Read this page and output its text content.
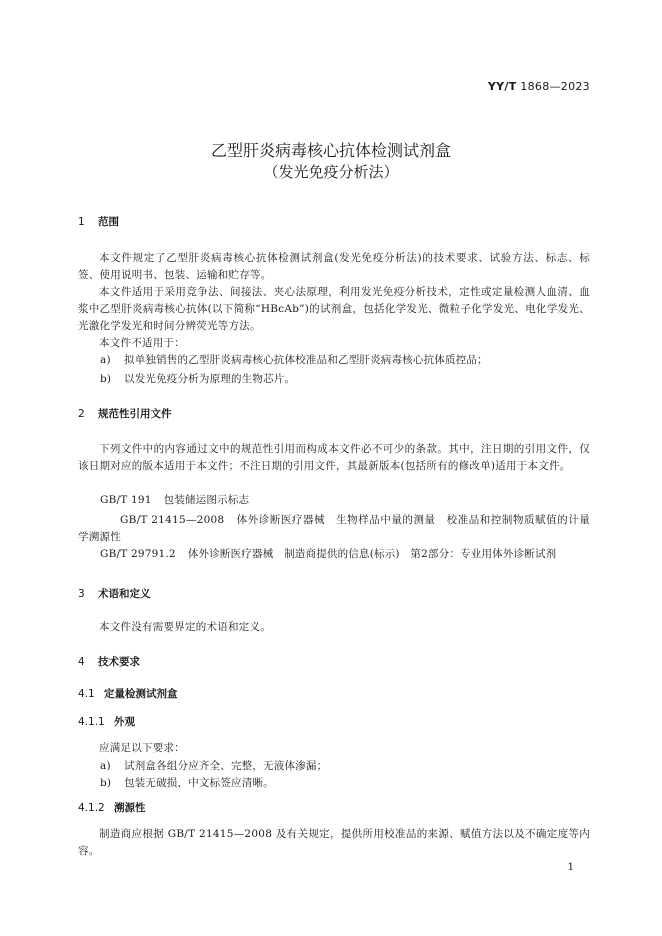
YY/T 1868—2023
乙型肝炎病毒核心抗体检测试剂盒
（发光免疫分析法）
1 范围
本文件规定了乙型肝炎病毒核心抗体检测试剂盒(发光免疫分析法)的技术要求、试验方法、标志、标签、使用说明书、包装、运输和贮存等。
本文件适用于采用竞争法、间接法、夹心法原理，利用发光免疫分析技术，定性或定量检测人血清、血浆中乙型肝炎病毒核心抗体(以下简称“HBcAb”)的试剂盒，包括化学发光、微粒子化学发光、电化学发光、光激化学发光和时间分辨荧光等方法。
本文件不适用于：
a) 拟单独销售的乙型肝炎病毒核心抗体校准品和乙型肝炎病毒核心抗体质控品；
b) 以发光免疫分析为原理的生物芯片。
2 规范性引用文件
下列文件中的内容通过文中的规范性引用而构成本文件必不可少的条款。其中，注日期的引用文件，仅该日期对应的版本适用于本文件；不注日期的引用文件，其最新版本(包括所有的修改单)适用于本文件。
GB/T 191 包装储运图示标志
GB/T 21415—2008 体外诊断医疗器械　生物样品中量的测量　校准品和控制物质赋值的计量学溯源性
GB/T 29791.2 体外诊断医疗器械　制造商提供的信息(标示)　第2部分：专业用体外诊断试剂
3 术语和定义
本文件没有需要界定的术语和定义。
4 技术要求
4.1 定量检测试剂盒
4.1.1 外观
应满足以下要求：
a) 试剂盒各组分应齐全、完整，无液体渗漏；
b) 包装无破损，中文标签应清晰。
4.1.2 溯源性
制造商应根据 GB/T 21415—2008 及有关规定，提供所用校准品的来源、赋值方法以及不确定度等内容。
1
